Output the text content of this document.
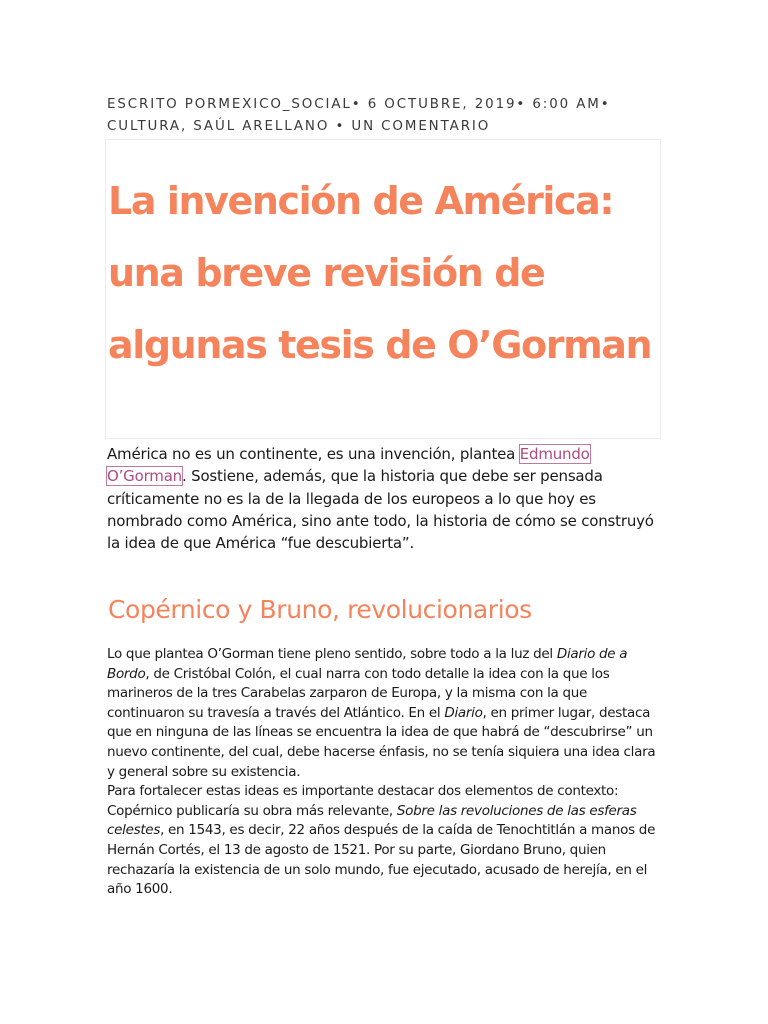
ESCRITO PORMEXICO_SOCIAL• 6 OCTUBRE, 2019• 6:00 AM• CULTURA, SAÚL ARELLANO • UN COMENTARIO
La invención de América: una breve revisión de algunas tesis de O’Gorman

América no es un continente, es una invención, plantea Edmundo O’Gorman. Sostiene, además, que la historia que debe ser pensada críticamente no es la de la llegada de los europeos a lo que hoy es nombrado como América, sino ante todo, la historia de cómo se construyó la idea de que América “fue descubierta”.

Copérnico y Bruno, revolucionarios

Lo que plantea O’Gorman tiene pleno sentido, sobre todo a la luz del Diario de a Bordo, de Cristóbal Colón, el cual narra con todo detalle la idea con la que los marineros de la tres Carabelas zarparon de Europa, y la misma con la que continuaron su travesía a través del Atlántico. En el Diario, en primer lugar, destaca que en ninguna de las líneas se encuentra la idea de que habrá de “descubrirse” un nuevo continente, del cual, debe hacerse énfasis, no se tenía siquiera una idea clara y general sobre su existencia.

Para fortalecer estas ideas es importante destacar dos elementos de contexto: Copérnico publicaría su obra más relevante, Sobre las revoluciones de las esferas celestes, en 1543, es decir, 22 años después de la caída de Tenochtitlán a manos de Hernán Cortés, el 13 de agosto de 1521. Por su parte, Giordano Bruno, quien rechazaría la existencia de un solo mundo, fue ejecutado, acusado de herejía, en el año 1600.
